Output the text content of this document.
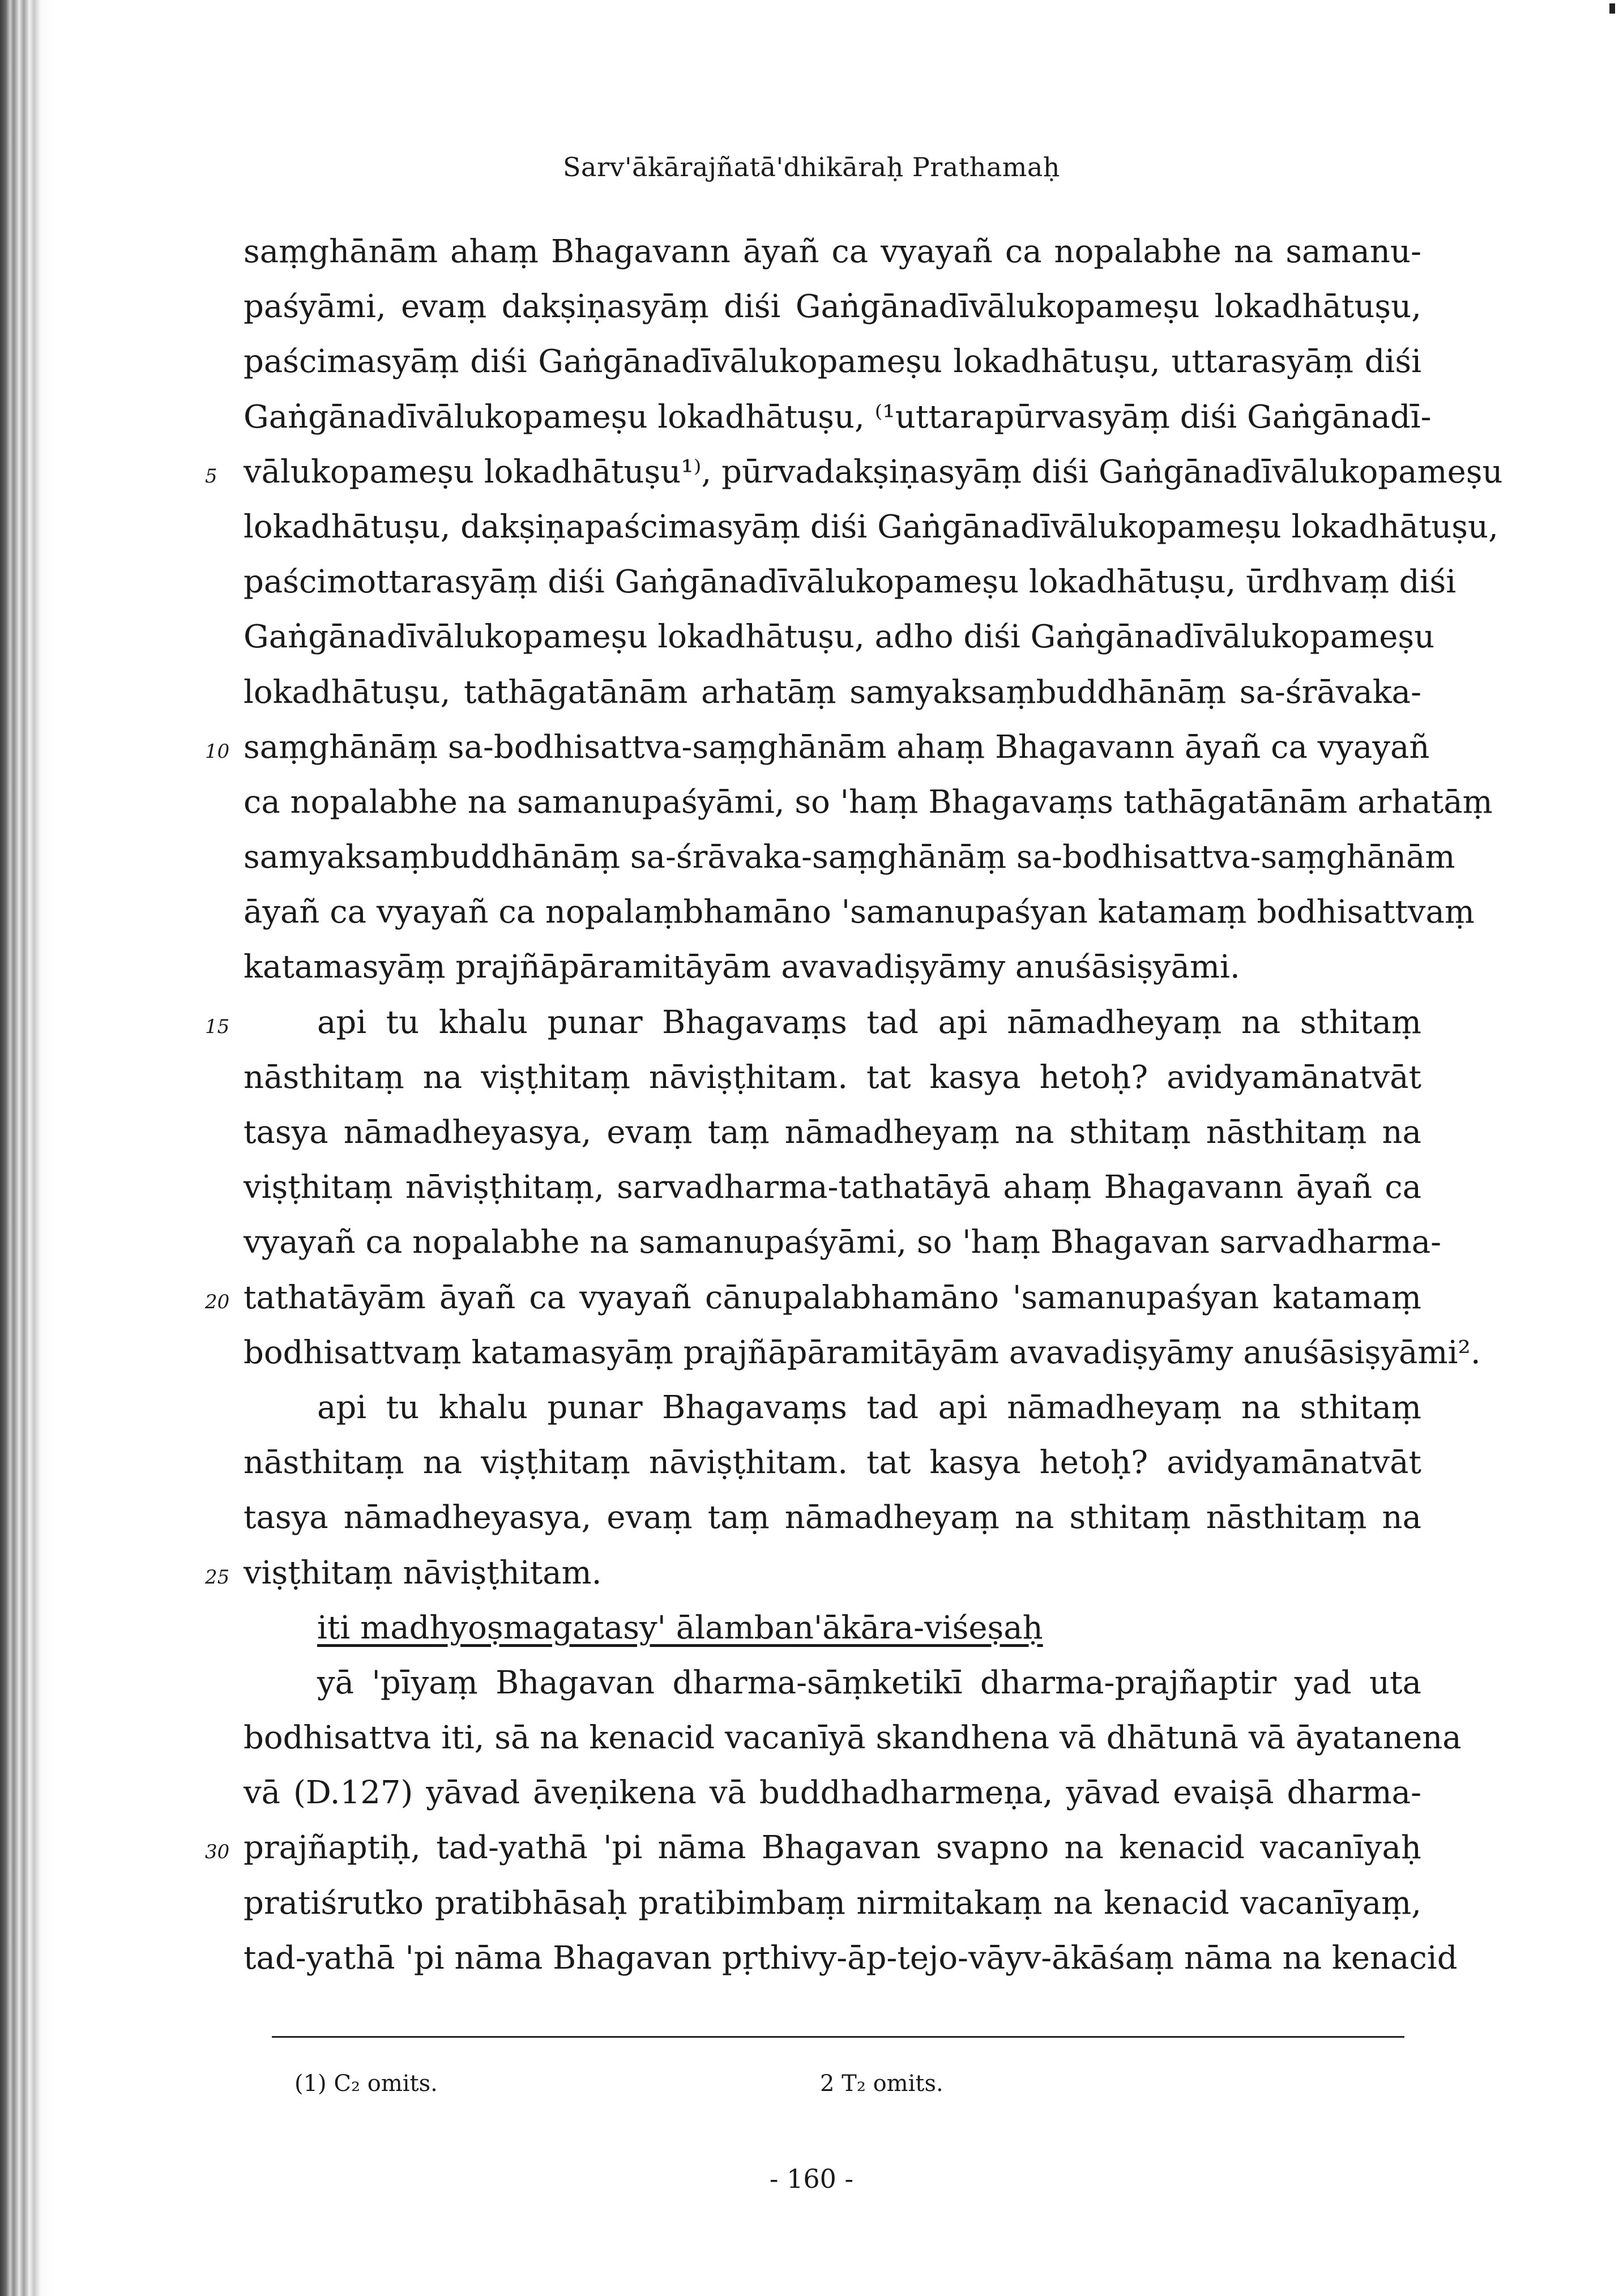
Sarv'ākārajñatā'dhikāraḥ Prathamaḥ
saṃghānām ahaṃ Bhagavann āyañ ca vyayañ ca nopalabhe na samanu-
paśyāmi, evaṃ dakṣiṇasyāṃ diśi Gaṅgānadīvālukopameṣu lokadhātuṣu,
paścimasyāṃ diśi Gaṅgānadīvālukopameṣu lokadhātuṣu, uttarasyāṃ diśi
Gaṅgānadīvālukopameṣu lokadhātuṣu, ⁽¹uttarapūrvasyāṃ diśi Gaṅgānadī-
5 vālukopameṣu lokadhātuṣu¹⁾, pūrvadakṣiṇasyāṃ diśi Gaṅgānadīvālukopameṣu
lokadhātuṣu, dakṣiṇapaścimasyāṃ diśi Gaṅgānadīvālukopameṣu lokadhātuṣu,
paścimottarasyāṃ diśi Gaṅgānadīvālukopameṣu lokadhātuṣu, ūrdhvaṃ diśi
Gaṅgānadīvālukopameṣu lokadhātuṣu, adho diśi Gaṅgānadīvālukopameṣu
lokadhātuṣu, tathāgatānām arhatāṃ samyaksaṃbuddhānāṃ sa-śrāvaka-
10 saṃghānāṃ sa-bodhisattva-saṃghānām ahaṃ Bhagavann āyañ ca vyayañ
ca nopalabhe na samanupaśyāmi, so 'haṃ Bhagavaṃs tathāgatānām arhatāṃ
samyaksaṃbuddhānāṃ sa-śrāvaka-saṃghānāṃ sa-bodhisattva-saṃghānām
āyañ ca vyayañ ca nopalaṃbhamāno 'samanupaśyan katamaṃ bodhisattvaṃ
katamasyāṃ prajñāpāramitāyām avavadiṣyāmy anuśāsiṣyāmi.
15	api tu khalu punar Bhagavaṃs tad api nāmadheyaṃ na sthitaṃ
nāsthitaṃ na viṣṭhitaṃ nāviṣṭhitam. tat kasya hetoḥ? avidyamānatvāt
tasya nāmadheyasya, evaṃ taṃ nāmadheyaṃ na sthitaṃ nāsthitaṃ na
viṣṭhitaṃ nāviṣṭhitaṃ, sarvadharma-tathatāyā ahaṃ Bhagavann āyañ ca
vyayañ ca nopalabhe na samanupaśyāmi, so 'haṃ Bhagavan sarvadharma-
20 tathatāyām āyañ ca vyayañ cānupalabhamāno 'samanupaśyan katamaṃ
bodhisattvaṃ katamasyāṃ prajñāpāramitāyām avavadiṣyāmy anuśāsiṣyāmi².
api tu khalu punar Bhagavaṃs tad api nāmadheyaṃ na sthitaṃ
nāsthitaṃ na viṣṭhitaṃ nāviṣṭhitam. tat kasya hetoḥ? avidyamānatvāt
tasya nāmadheyasya, evaṃ taṃ nāmadheyaṃ na sthitaṃ nāsthitaṃ na
25 viṣṭhitaṃ nāviṣṭhitam.
iti madhyoṣmagatasy' ālamban'ākāra-viśeṣaḥ
yā 'pīyaṃ Bhagavan dharma-sāṃketikī dharma-prajñaptir yad uta
bodhisattva iti, sā na kenacid vacanīyā skandhena vā dhātunā vā āyatanena
vā (D.127) yāvad āveṇikena vā buddhadharmeṇa, yāvad evaiṣā dharma-
30 prajñaptiḥ, tad-yathā 'pi nāma Bhagavan svapno na kenacid vacanīyaḥ
pratiśrutko pratibhāsaḥ pratibimbaṃ nirmitakaṃ na kenacid vacanīyaṃ,
tad-yathā 'pi nāma Bhagavan pṛthivy-āp-tejo-vāyv-ākāśaṃ nāma na kenacid
(1) C₂ omits.	2 T₂ omits.
- 160 -
